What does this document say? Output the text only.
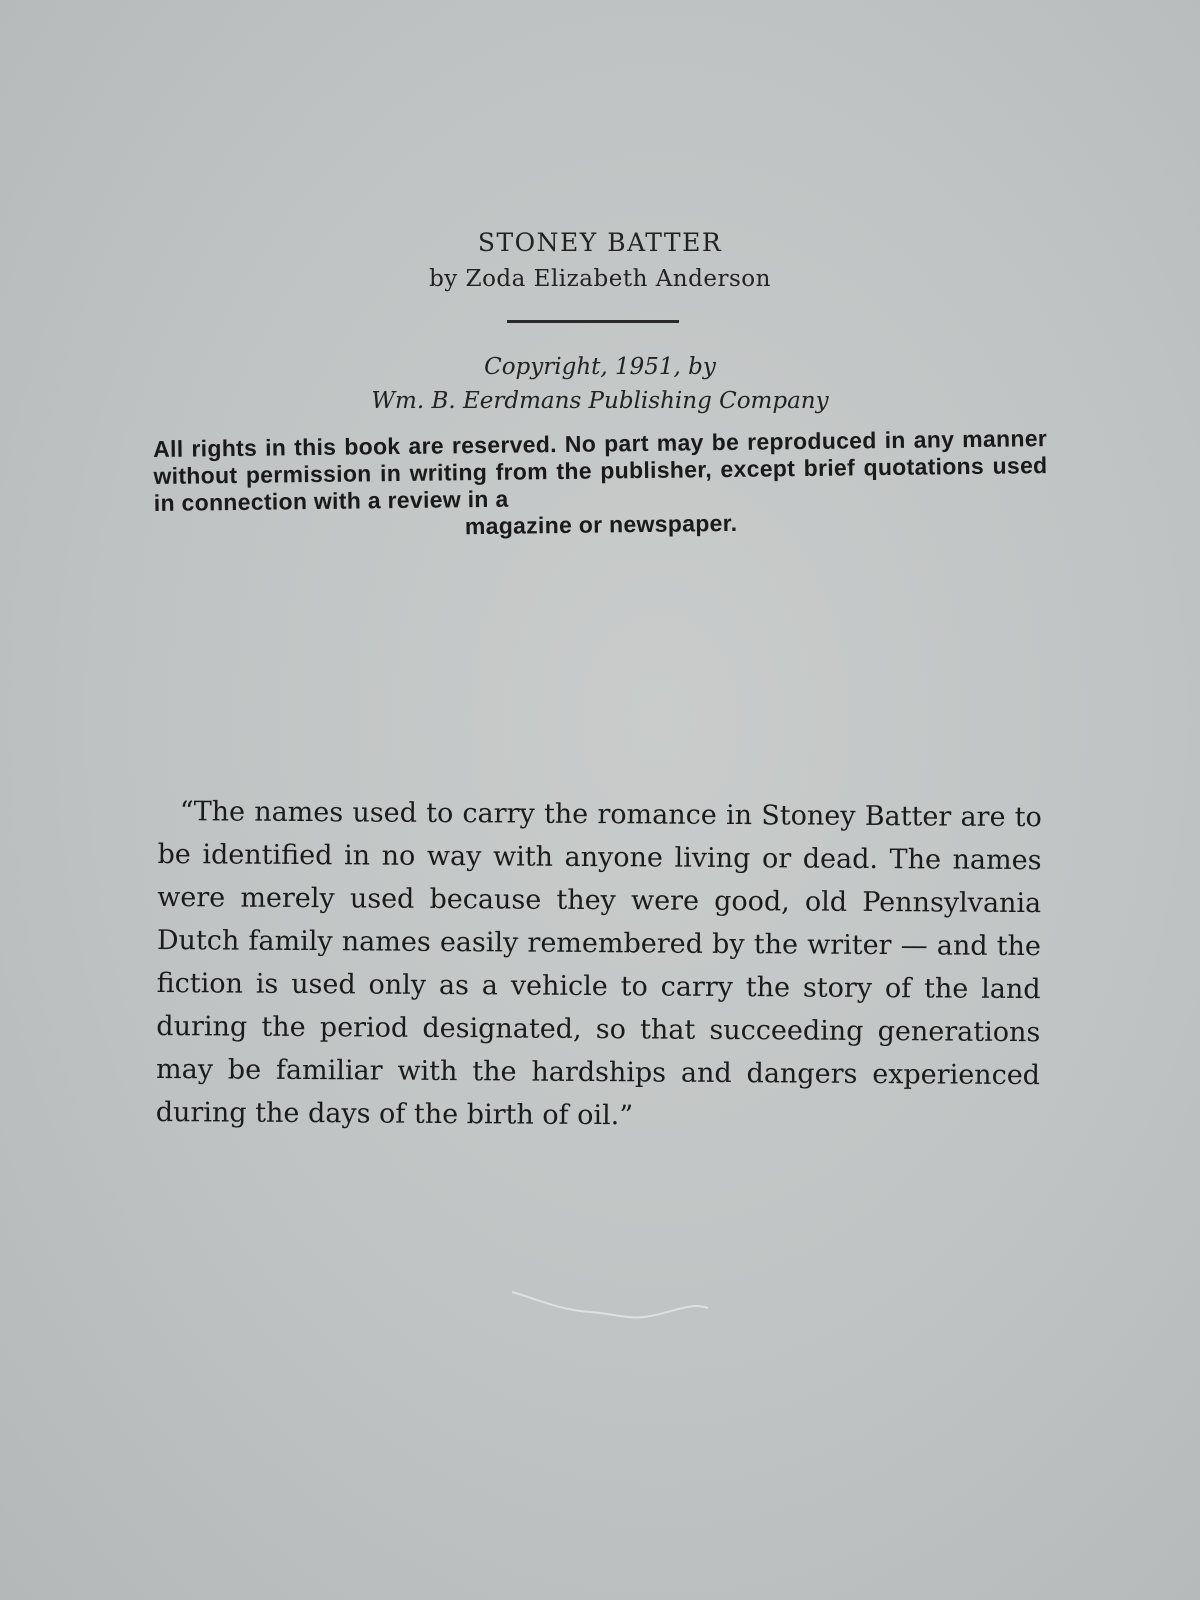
STONEY BATTER
by Zoda Elizabeth Anderson
Copyright, 1951, by
Wm. B. Eerdmans Publishing Company
All rights in this book are reserved. No part may be reproduced in any manner without permission in writing from the publisher, except brief quotations used in connection with a review in a
magazine or newspaper.
“The names used to carry the romance in Stoney Batter are to be identified in no way with anyone living or dead. The names were merely used because they were good, old Pennsylvania Dutch family names easily remembered by the writer — and the fiction is used only as a vehicle to carry the story of the land during the period designated, so that succeeding generations may be familiar with the hardships and dangers experienced during the days of the birth of oil.”
